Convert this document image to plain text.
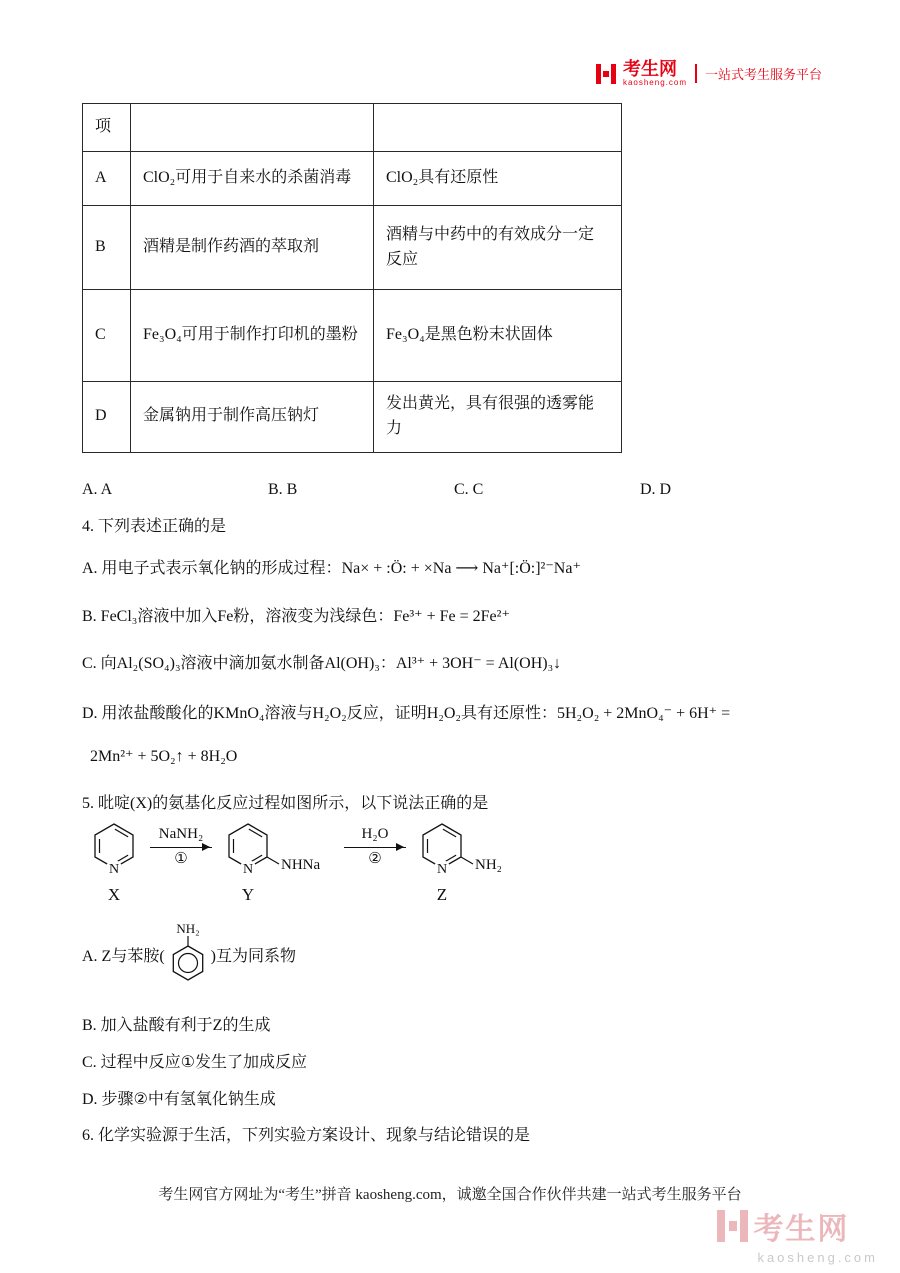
考生网
kaosheng.com
一站式考生服务平台
项		
A	ClO₂可用于自来水的杀菌消毒	ClO₂具有还原性
B	酒精是制作药酒的萃取剂	酒精与中药中的有效成分一定反应
C	Fe₃O₄可用于制作打印机的墨粉	Fe₃O₄是黑色粉末状固体
D	金属钠用于制作高压钠灯	发出黄光，具有很强的透雾能力
A. A	B. B	C. C	D. D
4. 下列表述正确的是
A. 用电子式表示氧化钠的形成过程：Na× + :Ö: + ×Na ⟶ Na⁺[:Ö:]²⁻Na⁺
B. FeCl₃溶液中加入Fe粉，溶液变为浅绿色：Fe³⁺ + Fe = 2Fe²⁺
C. 向Al₂(SO₄)₃溶液中滴加氨水制备Al(OH)₃：Al³⁺ + 3OH⁻ = Al(OH)₃↓
D. 用浓盐酸酸化的KMnO₄溶液与H₂O₂反应，证明H₂O₂具有还原性：5H₂O₂ + 2MnO₄⁻ + 6H⁺ =
2Mn²⁺ + 5O₂↑ + 8H₂O
5. 吡啶(X)的氨基化反应过程如图所示，以下说法正确的是
N
X
NaNH₂
①
N NHNa
Y
H₂O
②
N NH₂
Z
A. Z与苯胺(
NH₂
)互为同系物
B. 加入盐酸有利于Z的生成
C. 过程中反应①发生了加成反应
D. 步骤②中有氢氧化钠生成
6. 化学实验源于生活，下列实验方案设计、现象与结论错误的是
考生网官方网址为“考生”拼音 kaosheng.com，诚邀全国合作伙伴共建一站式考生服务平台
考生网
kaosheng.com
